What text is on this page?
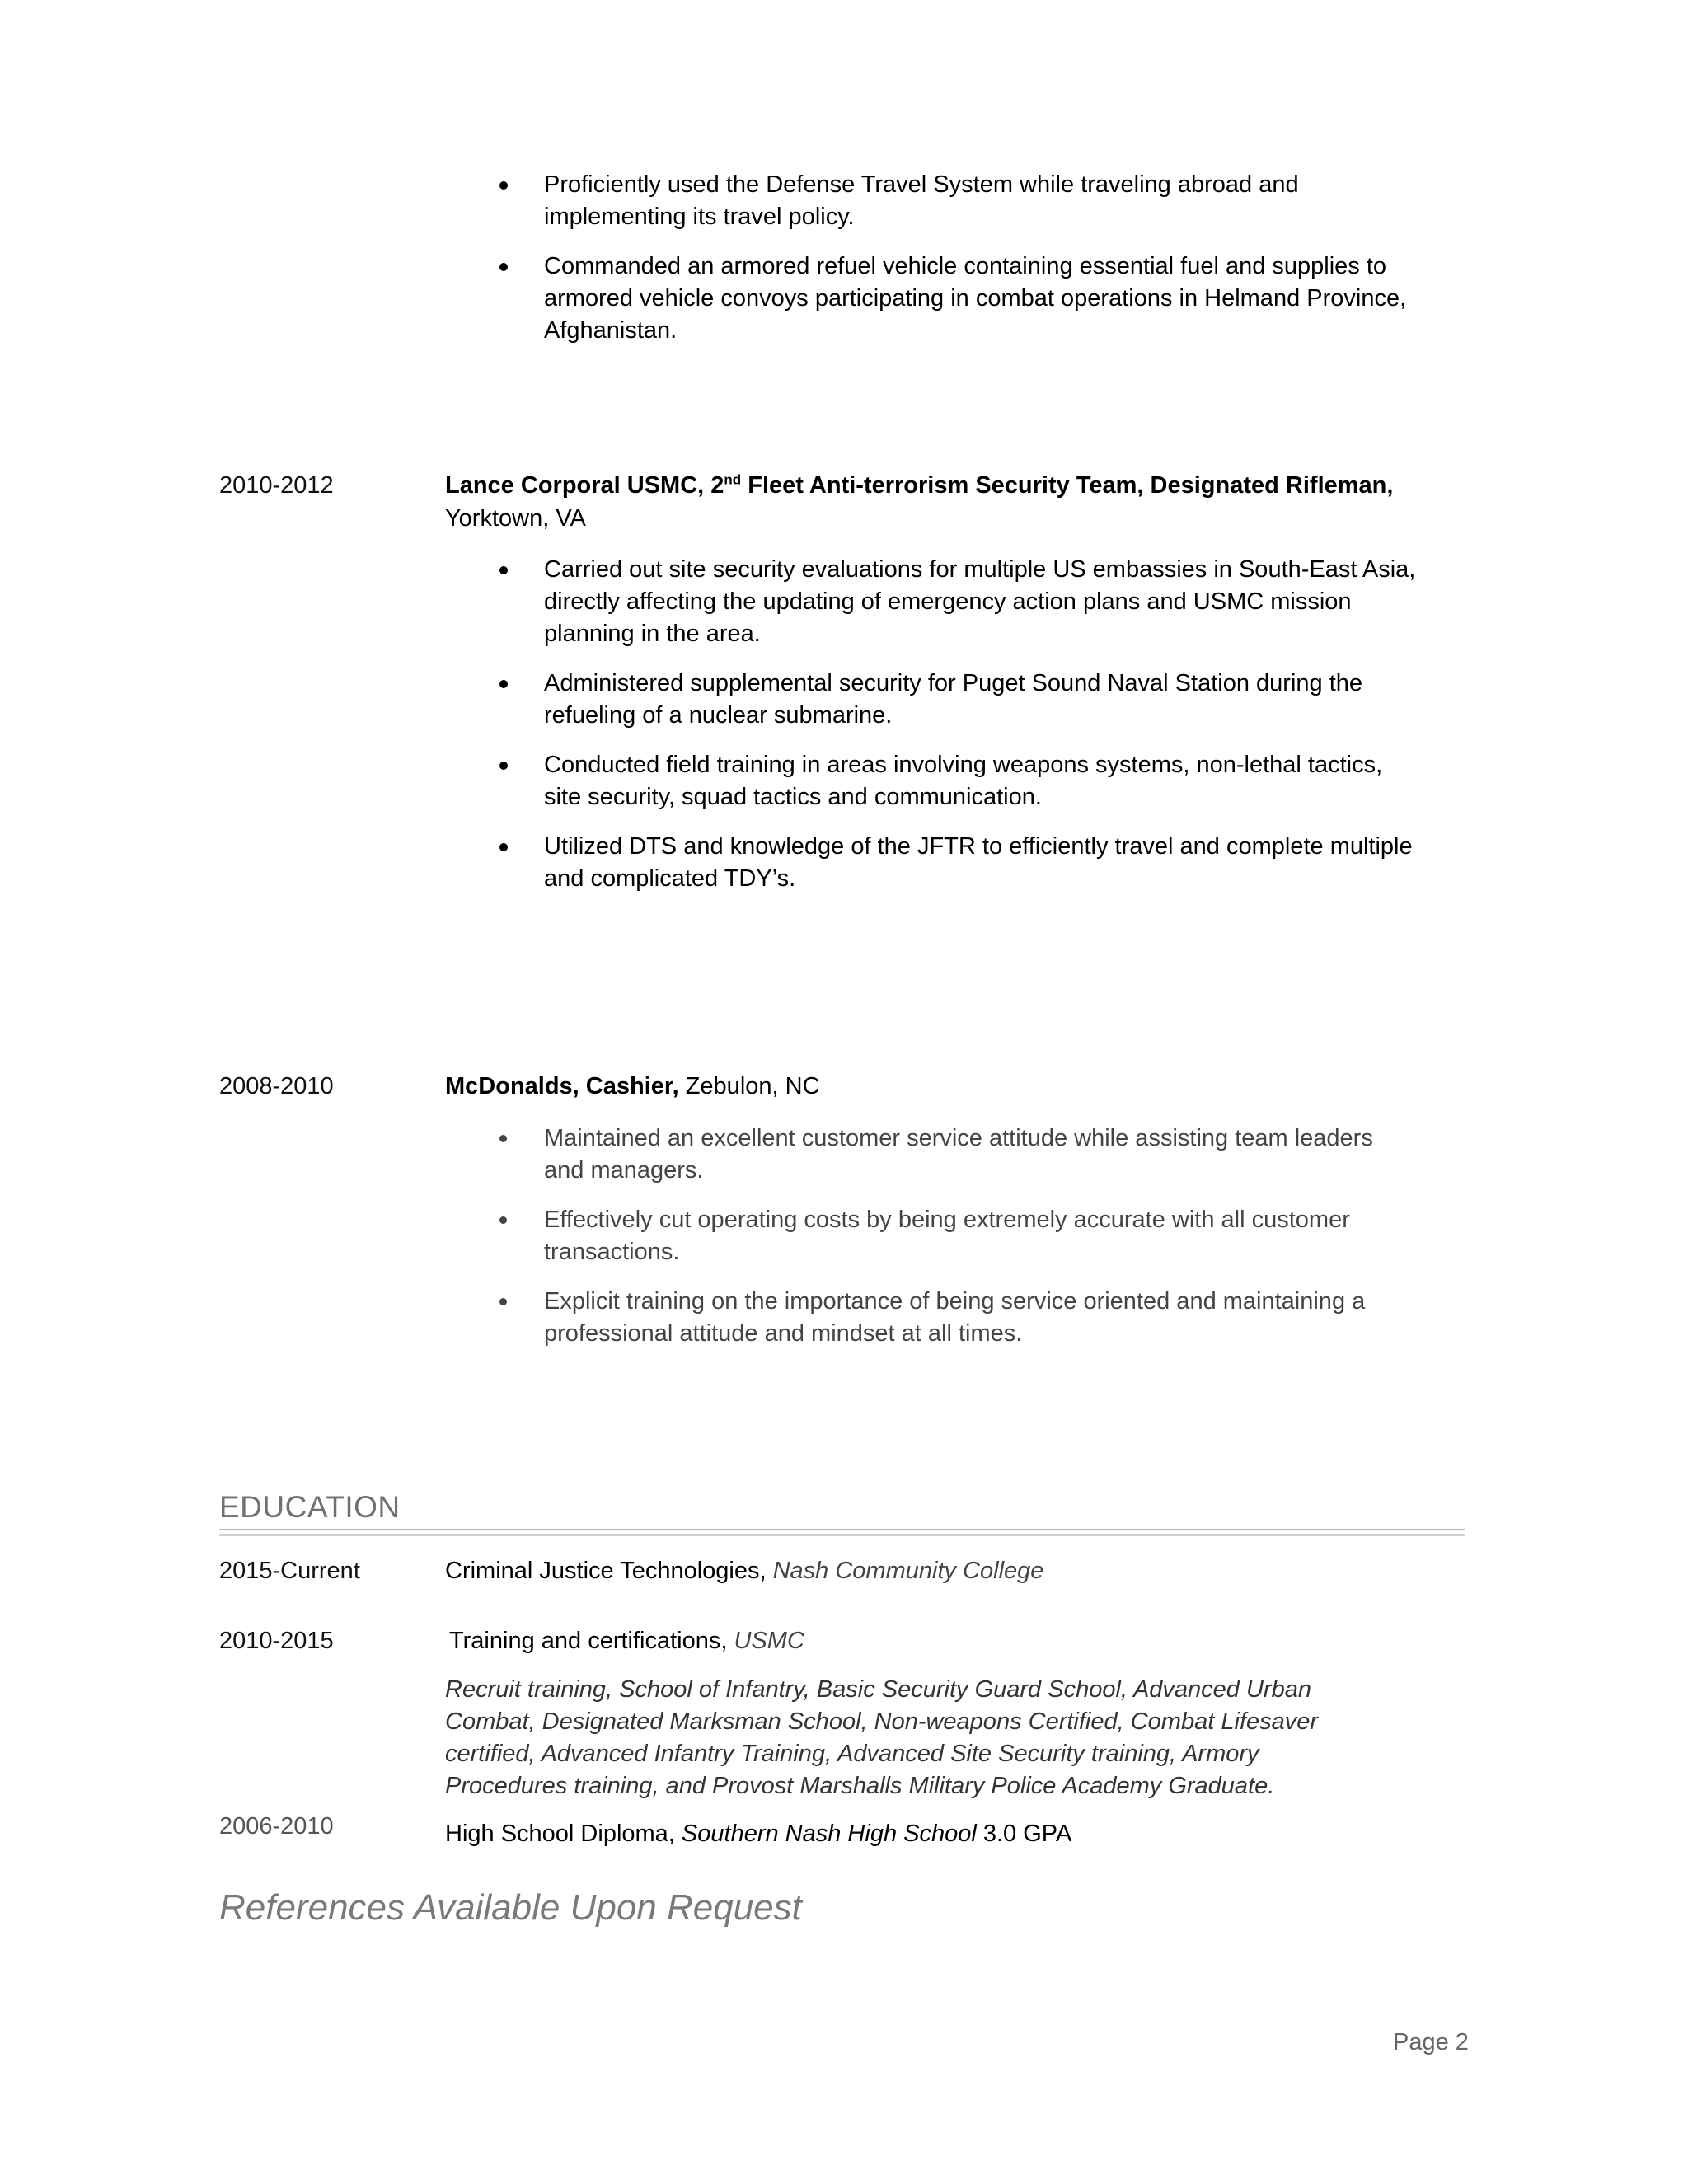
Proficiently used the Defense Travel System while traveling abroad and implementing its travel policy.
Commanded an armored refuel vehicle containing essential fuel and supplies to armored vehicle convoys participating in combat operations in Helmand Province, Afghanistan.
2010-2012	Lance Corporal USMC, 2nd Fleet Anti-terrorism Security Team, Designated Rifleman,
Yorktown, VA
Carried out site security evaluations for multiple US embassies in South-East Asia, directly affecting the updating of emergency action plans and USMC mission planning in the area.
Administered supplemental security for Puget Sound Naval Station during the refueling of a nuclear submarine.
Conducted field training in areas involving weapons systems, non-lethal tactics, site security, squad tactics and communication.
Utilized DTS and knowledge of the JFTR to efficiently travel and complete multiple and complicated TDY’s.
2008-2010	McDonalds, Cashier, Zebulon, NC
Maintained an excellent customer service attitude while assisting team leaders and managers.
Effectively cut operating costs by being extremely accurate with all customer transactions.
Explicit training on the importance of being service oriented and maintaining a professional attitude and mindset at all times.
EDUCATION
2015-Current	Criminal Justice Technologies, Nash Community College
2010-2015	Training and certifications, USMC
Recruit training, School of Infantry, Basic Security Guard School, Advanced Urban Combat, Designated Marksman School, Non-weapons Certified, Combat Lifesaver certified, Advanced Infantry Training, Advanced Site Security training, Armory Procedures training, and Provost Marshalls Military Police Academy Graduate.
2006-2010	High School Diploma, Southern Nash High School 3.0 GPA
References Available Upon Request
Page 2
